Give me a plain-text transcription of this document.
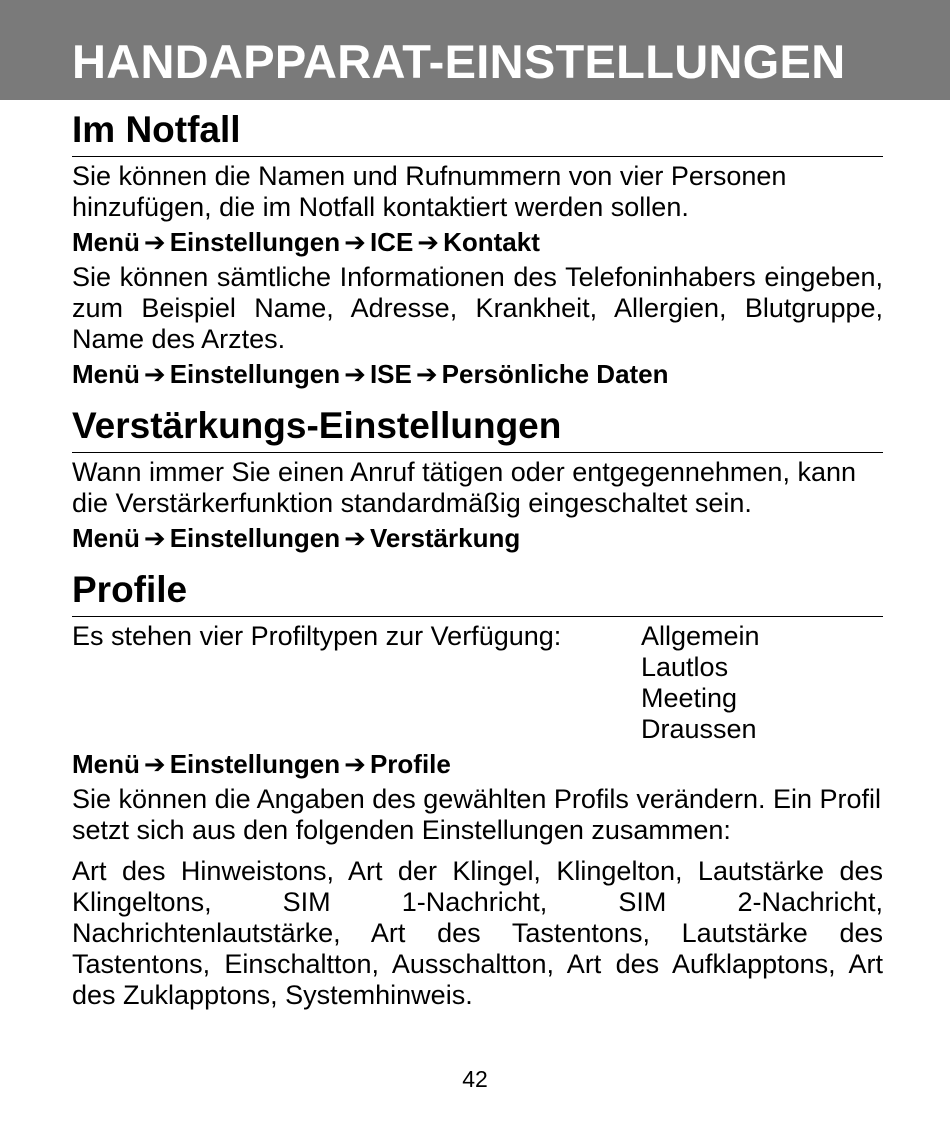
HANDAPPARAT-EINSTELLUNGEN
Im Notfall

Sie können die Namen und Rufnummern von vier Personen hinzufügen, die im Notfall kontaktiert werden sollen.

Menü ➔ Einstellungen ➔ ICE ➔ Kontakt

Sie können sämtliche Informationen des Telefoninhabers eingeben, zum Beispiel Name, Adresse, Krankheit, Allergien, Blutgruppe, Name des Arztes.

Menü ➔ Einstellungen ➔ ISE ➔ Persönliche Daten
Verstärkungs-Einstellungen

Wann immer Sie einen Anruf tätigen oder entgegennehmen, kann die Verstärkerfunktion standardmäßig eingeschaltet sein.

Menü ➔ Einstellungen ➔ Verstärkung
Profile
Es stehen vier Profiltypen zur Verfügung:	Allgemein
Lautlos
Meeting
Draussen
Menü ➔ Einstellungen ➔ Profile

Sie können die Angaben des gewählten Profils verändern. Ein Profil setzt sich aus den folgenden Einstellungen zusammen:

Art des Hinweistons, Art der Klingel, Klingelton, Lautstärke des Klingeltons, SIM 1-Nachricht, SIM 2-Nachricht, Nachrichtenlautstärke, Art des Tastentons, Lautstärke des Tastentons, Einschaltton, Ausschaltton, Art des Aufklapptons, Art des Zuklapptons, Systemhinweis.

42
